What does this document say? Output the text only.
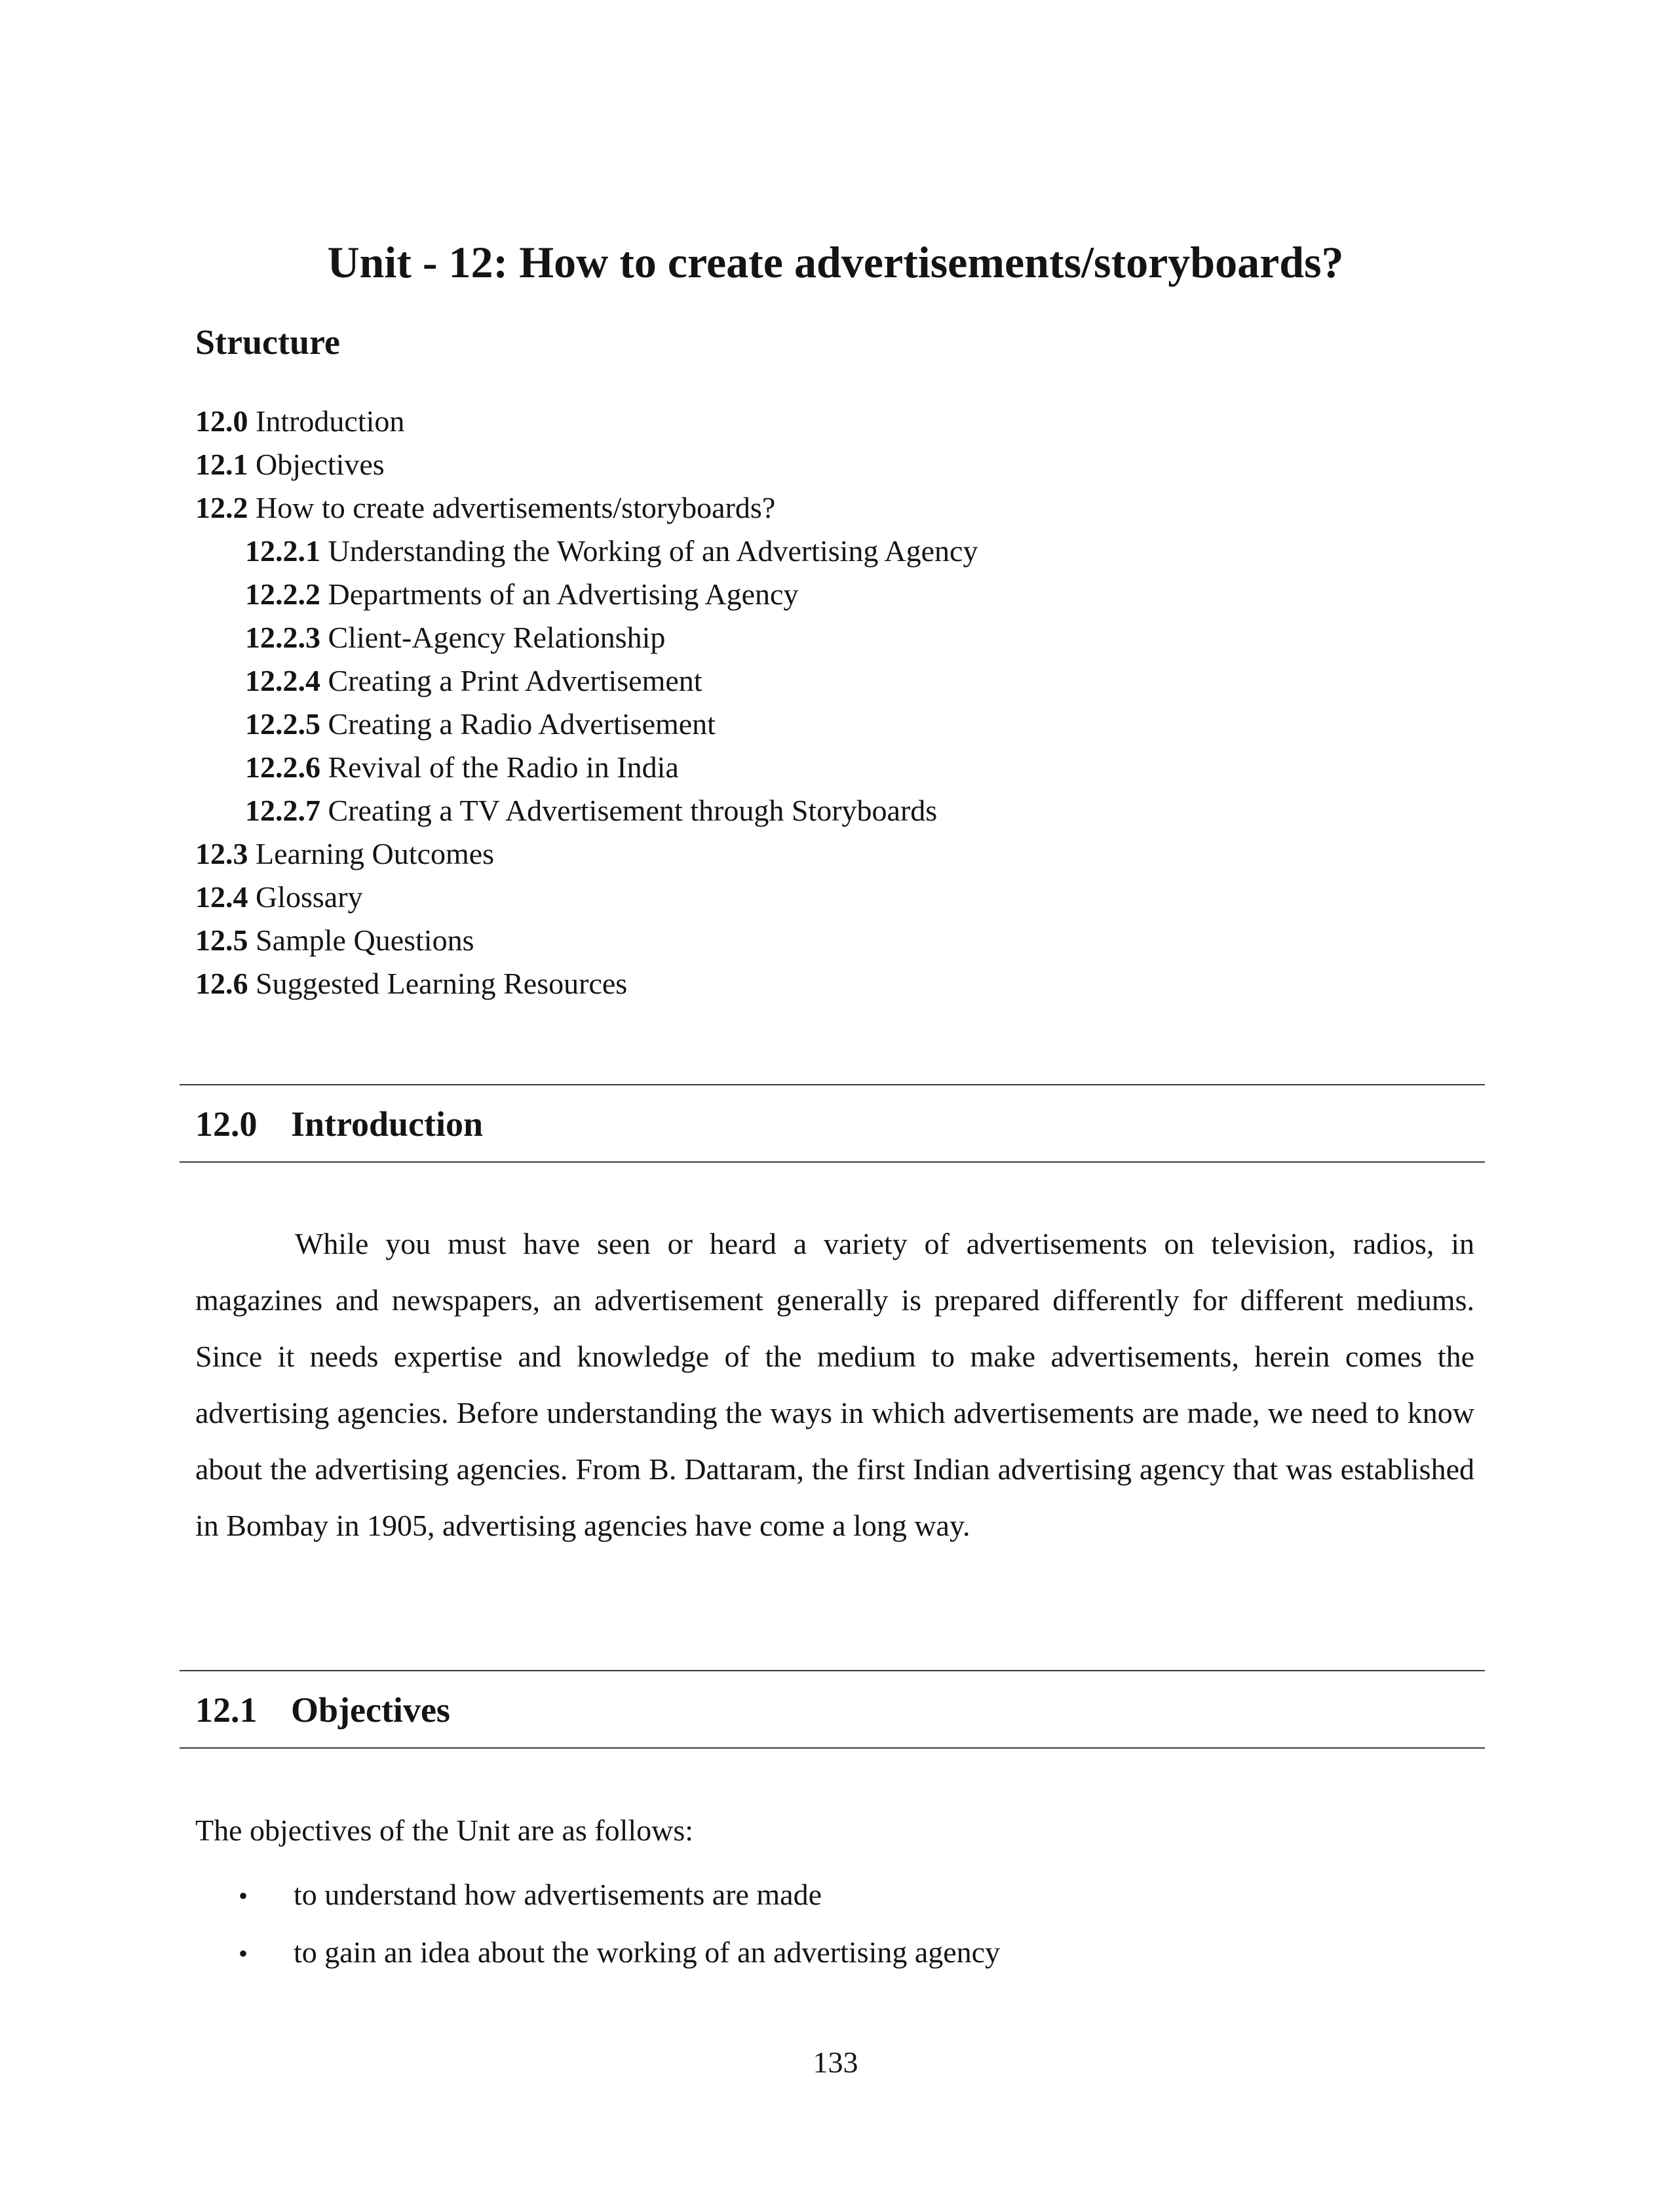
Unit - 12: How to create advertisements/storyboards?
Structure
12.0 Introduction
12.1 Objectives
12.2 How to create advertisements/storyboards?
12.2.1 Understanding the Working of an Advertising Agency
12.2.2 Departments of an Advertising Agency
12.2.3 Client-Agency Relationship
12.2.4 Creating a Print Advertisement
12.2.5 Creating a Radio Advertisement
12.2.6 Revival of the Radio in India
12.2.7 Creating a TV Advertisement through Storyboards
12.3 Learning Outcomes
12.4 Glossary
12.5 Sample Questions
12.6 Suggested Learning Resources
12.0 Introduction

While you must have seen or heard a variety of advertisements on television, radios, in magazines and newspapers, an advertisement generally is prepared differently for different mediums. Since it needs expertise and knowledge of the medium to make advertisements, herein comes the advertising agencies. Before understanding the ways in which advertisements are made, we need to know about the advertising agencies. From B. Dattaram, the first Indian advertising agency that was established in Bombay in 1905, advertising agencies have come a long way.

12.1 Objectives

The objectives of the Unit are as follows:

• to understand how advertisements are made
• to gain an idea about the working of an advertising agency
133
